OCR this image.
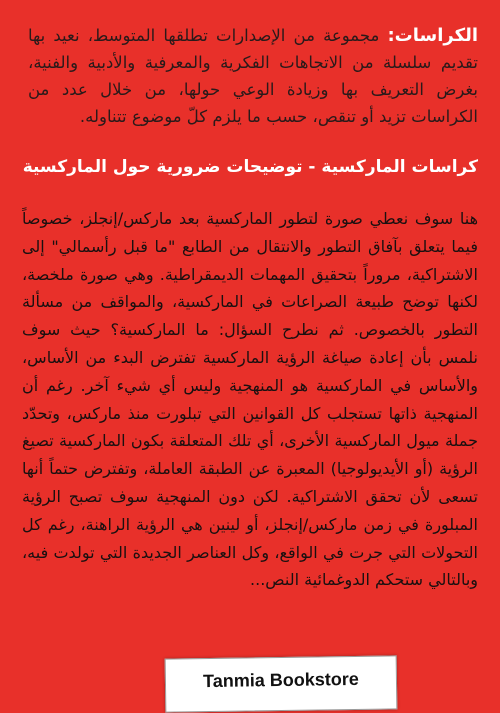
الكراسات: مجموعة من الإصدارات تطلقها المتوسط، نعيد بها تقديم سلسلة من الاتجاهات الفكرية والمعرفية والأدبية والفنية، بغرض التعريف بها وزيادة الوعي حولها، من خلال عدد من الكراسات تزيد أو تنقص، حسب ما يلزم كلّ موضوع تتناوله.
كراسات الماركسية - توضيحات ضرورية حول الماركسية

هنا سوف نعطي صورة لتطور الماركسية بعد ماركس/إنجلز، خصوصاً فيما يتعلق بآفاق التطور والانتقال من الطابع "ما قبل رأسمالي" إلى الاشتراكية، مروراً بتحقيق المهمات الديمقراطية. وهي صورة ملخصة، لكنها توضح طبيعة الصراعات في الماركسية، والمواقف من مسألة التطور بالخصوص. ثم نطرح السؤال: ما الماركسية؟ حيث سوف نلمس بأن إعادة صياغة الرؤية الماركسية تفترض البدء من الأساس، والأساس في الماركسية هو المنهجية وليس أي شيء آخر. رغم أن المنهجية ذاتها تستجلب كل القوانين التي تبلورت منذ ماركس، وتحدّد جملة ميول الماركسية الأخرى، أي تلك المتعلقة بكون الماركسية تصيغ الرؤية (أو الأيديولوجيا) المعبرة عن الطبقة العاملة، وتفترض حتماً أنها تسعى لأن تحقق الاشتراكية. لكن دون المنهجية سوف تصبح الرؤية المبلورة في زمن ماركس/إنجلز، أو لينين هي الرؤية الراهنة، رغم كل التحولات التي جرت في الواقع، وكل العناصر الجديدة التي تولدت فيه، وبالتالي ستحكم الدوغمائية النص...

Tanmia Bookstore
